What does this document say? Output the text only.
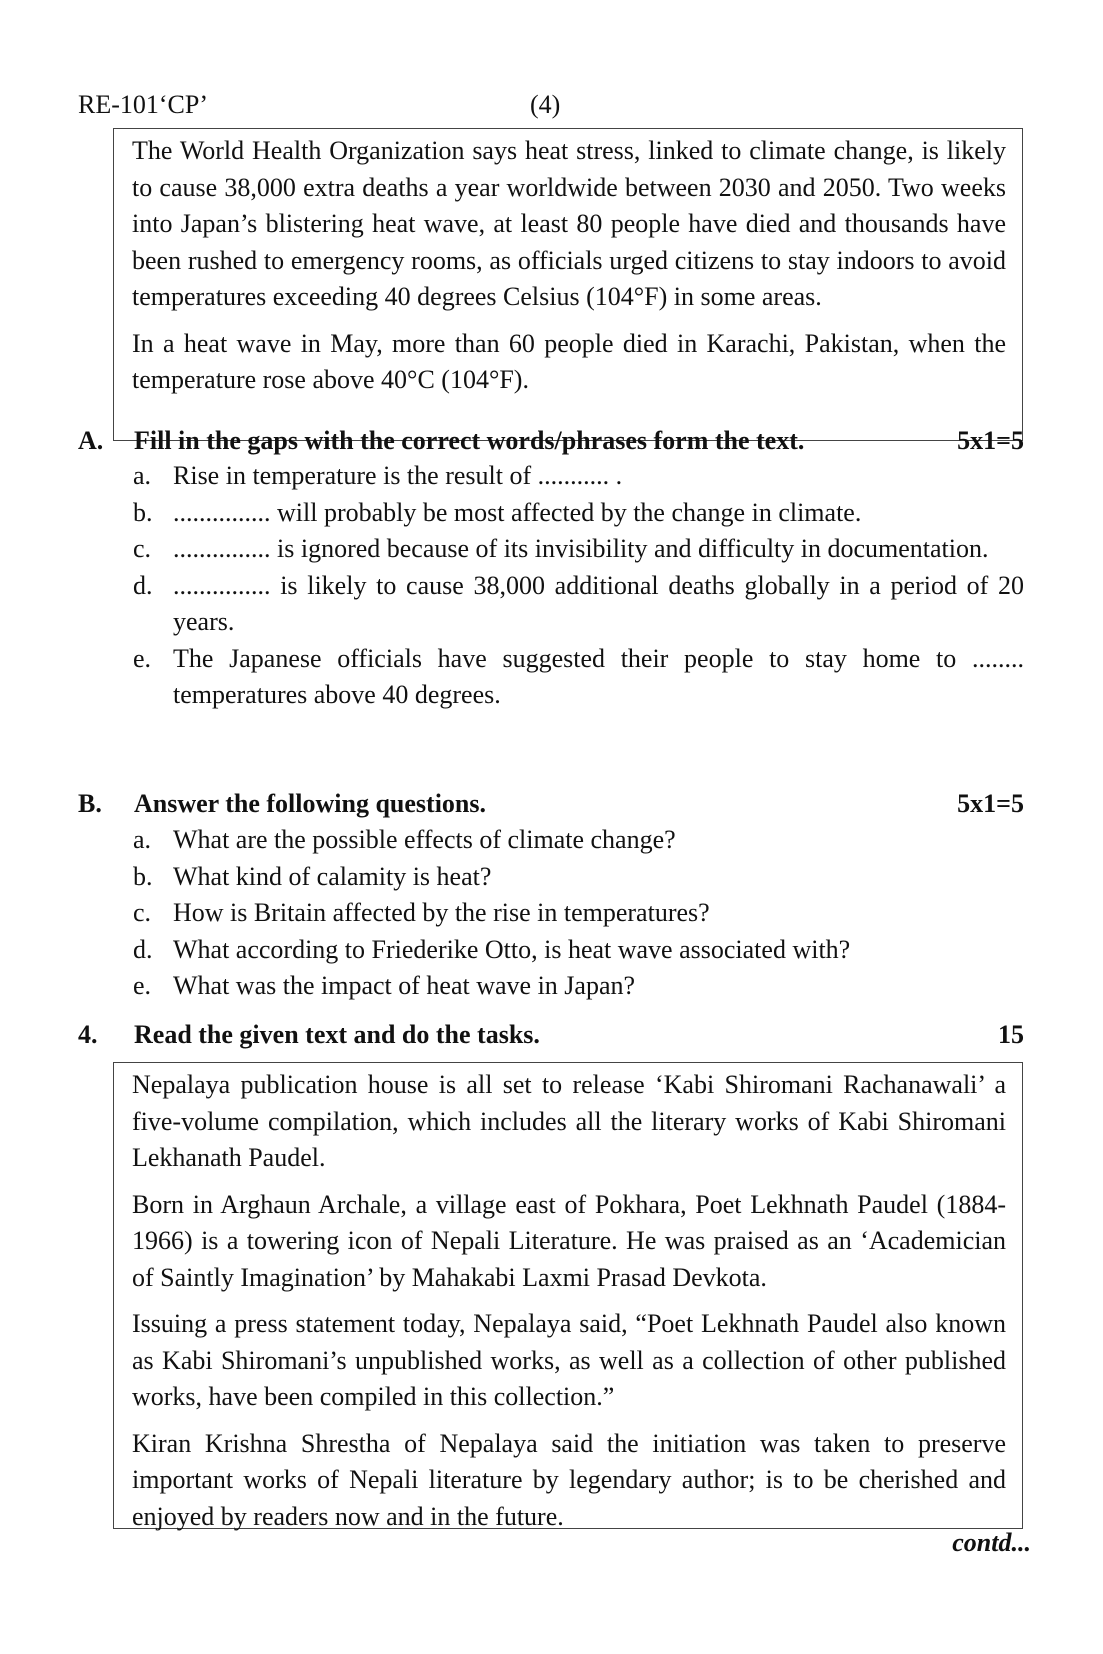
RE-101‘CP’	(4)

The World Health Organization says heat stress, linked to climate change, is likely to cause 38,000 extra deaths a year worldwide between 2030 and 2050. Two weeks into Japan’s blistering heat wave, at least 80 people have died and thousands have been rushed to emergency rooms, as officials urged citizens to stay indoors to avoid temperatures exceeding 40 degrees Celsius (104°F) in some areas.

In a heat wave in May, more than 60 people died in Karachi, Pakistan, when the temperature rose above 40°C (104°F).

A. Fill in the gaps with the correct words/phrases form the text.	5x1=5
a. Rise in temperature is the result of ........... .
b. ............... will probably be most affected by the change in climate.
c. ............... is ignored because of its invisibility and difficulty in documentation.
d. ............... is likely to cause 38,000 additional deaths globally in a period of 20 years.
e. The Japanese officials have suggested their people to stay home to ........ temperatures above 40 degrees.
B. Answer the following questions.	5x1=5
a. What are the possible effects of climate change?
b. What kind of calamity is heat?
c. How is Britain affected by the rise in temperatures?
d. What according to Friederike Otto, is heat wave associated with?
e. What was the impact of heat wave in Japan?
4. Read the given text and do the tasks.	15

Nepalaya publication house is all set to release ‘Kabi Shiromani Rachanawali’ a five-volume compilation, which includes all the literary works of Kabi Shiromani Lekhanath Paudel.

Born in Arghaun Archale, a village east of Pokhara, Poet Lekhnath Paudel (1884-1966) is a towering icon of Nepali Literature. He was praised as an ‘Academician of Saintly Imagination’ by Mahakabi Laxmi Prasad Devkota.

Issuing a press statement today, Nepalaya said, “Poet Lekhnath Paudel also known as Kabi Shiromani’s unpublished works, as well as a collection of other published works, have been compiled in this collection.”

Kiran Krishna Shrestha of Nepalaya said the initiation was taken to preserve important works of Nepali literature by legendary author; is to be cherished and enjoyed by readers now and in the future.

contd...
